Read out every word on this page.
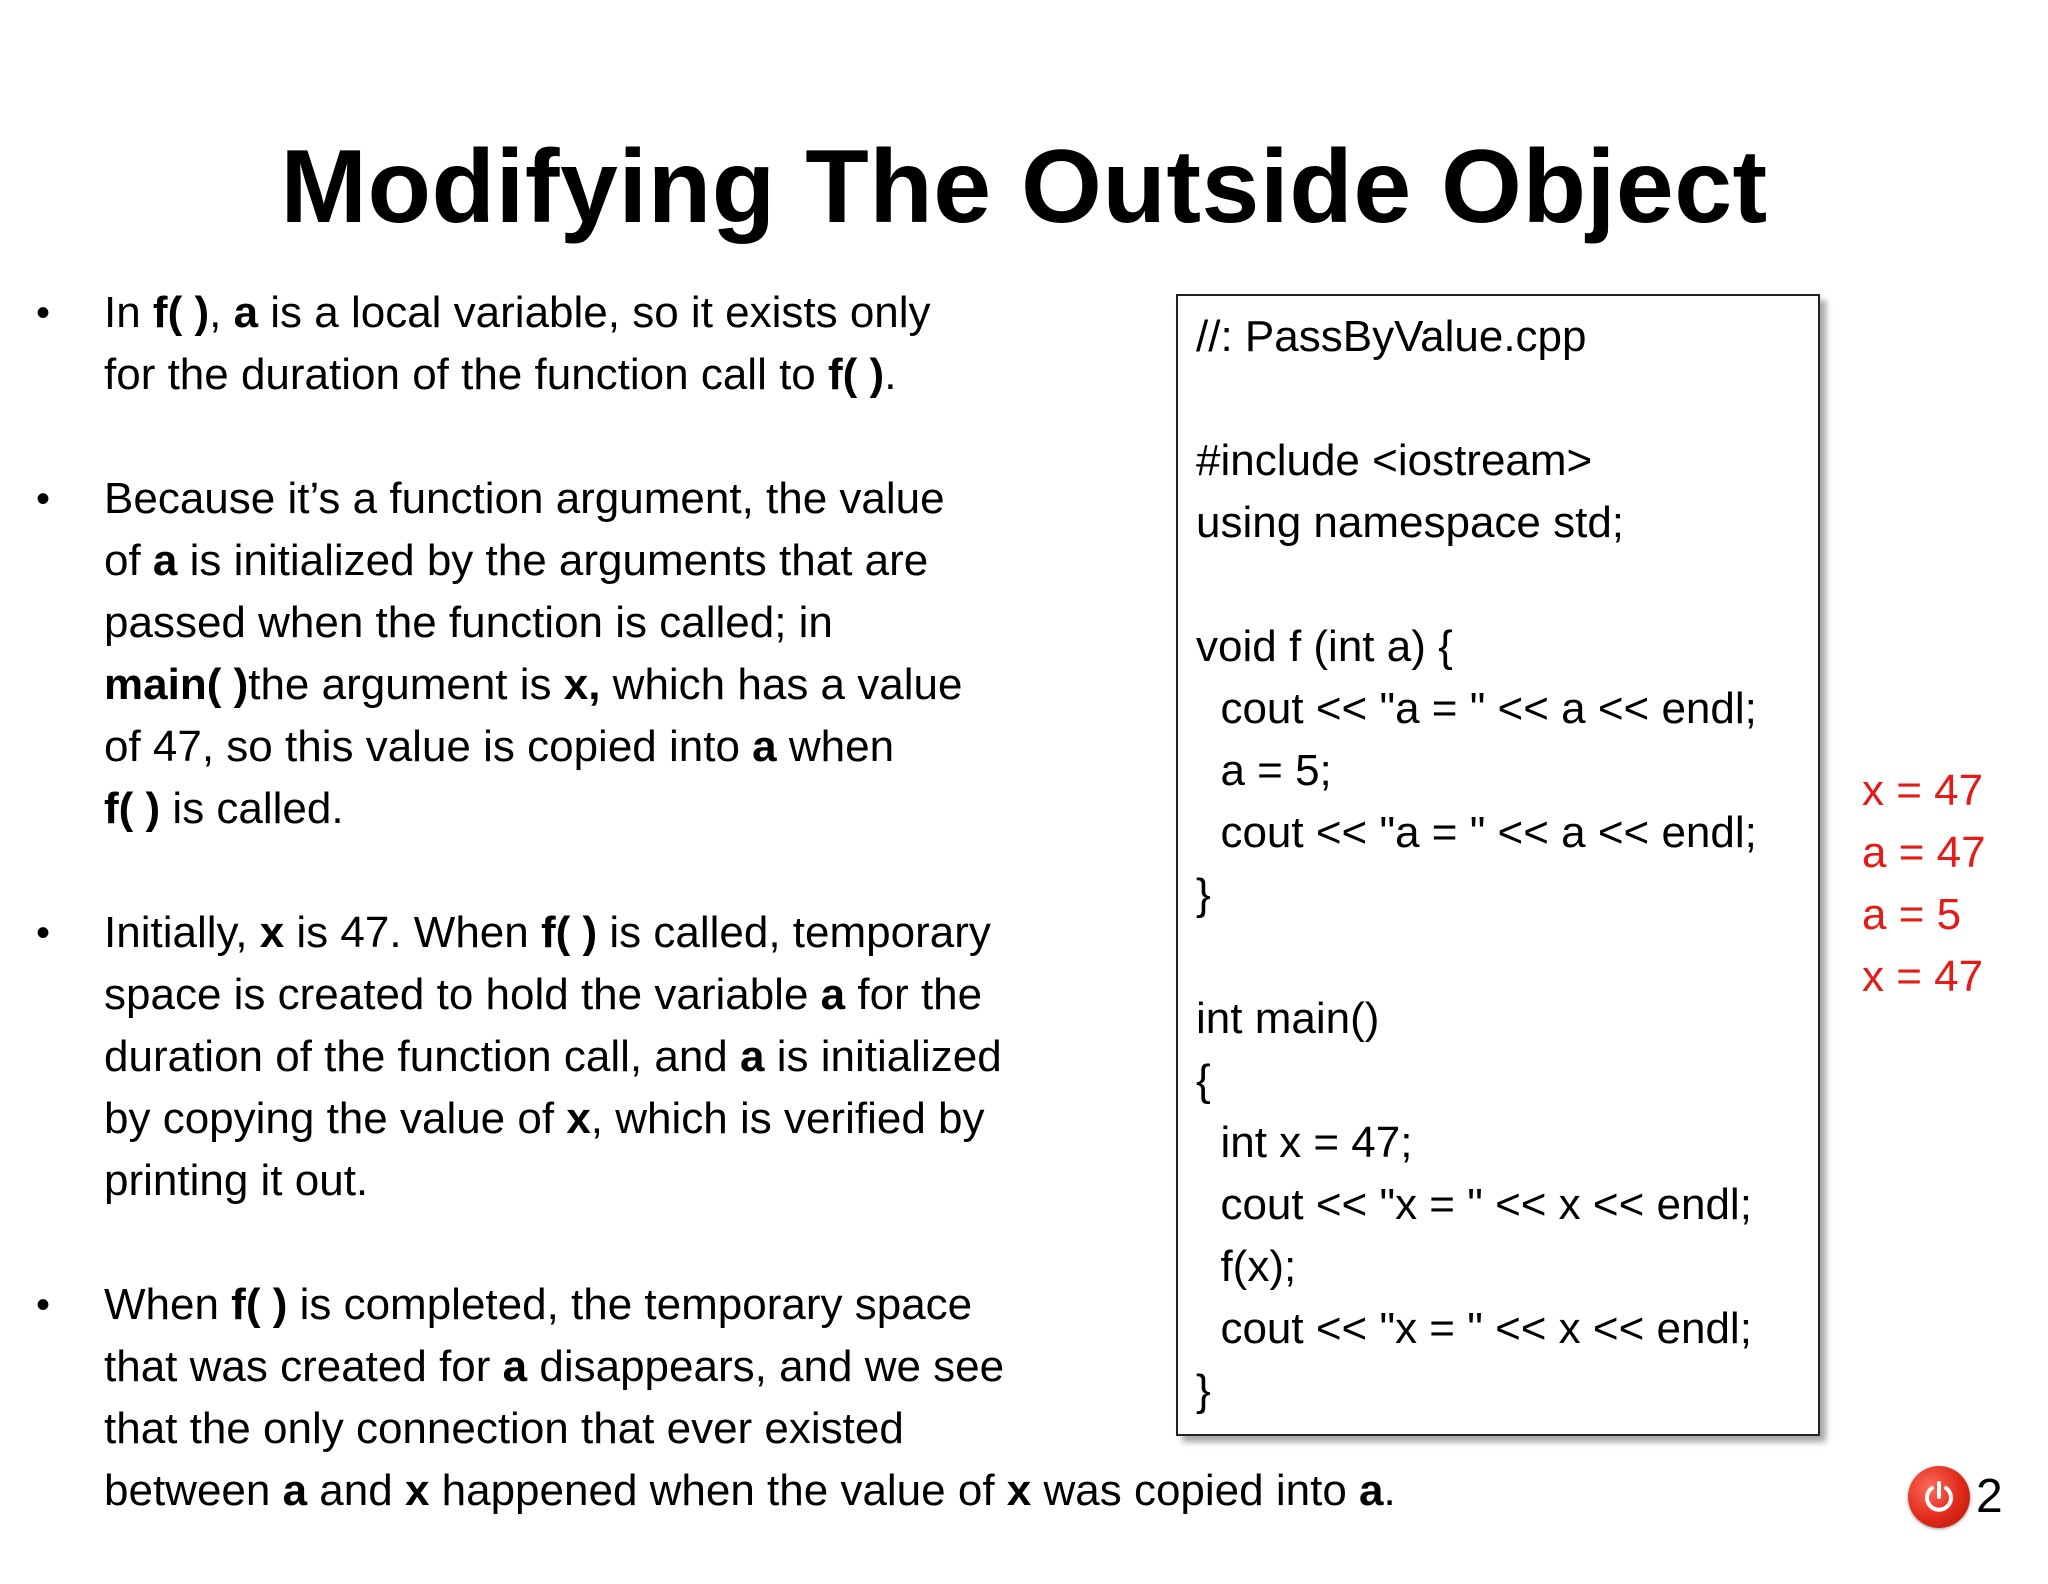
Modifying The Outside Object
•	In f( ), a is a local variable, so it exists only

for the duration of the function call to f( ).

•	Because it’s a function argument, the value

of a is initialized by the arguments that are

passed when the function is called; in

main( )the argument is x, which has a value

of 47, so this value is copied into a when

f( ) is called.

•	Initially, x is 47. When f( ) is called, temporary

space is created to hold the variable a for the

duration of the function call, and a is initialized

by copying the value of x, which is verified by

printing it out.

•	When f( ) is completed, the temporary space

that was created for a disappears, and we see

that the only connection that ever existed

between a and x happened when the value of x was copied into a.

//: PassByValue.cpp
#include <iostream>
using namespace std;
void f (int a) {
cout << "a = " << a << endl;
a = 5;
cout << "a = " << a << endl;
}
int main()
{
int x = 47;
cout << "x = " << x << endl;
f(x);
cout << "x = " << x << endl;
}
x = 47
a = 47
a = 5
x = 47
2
